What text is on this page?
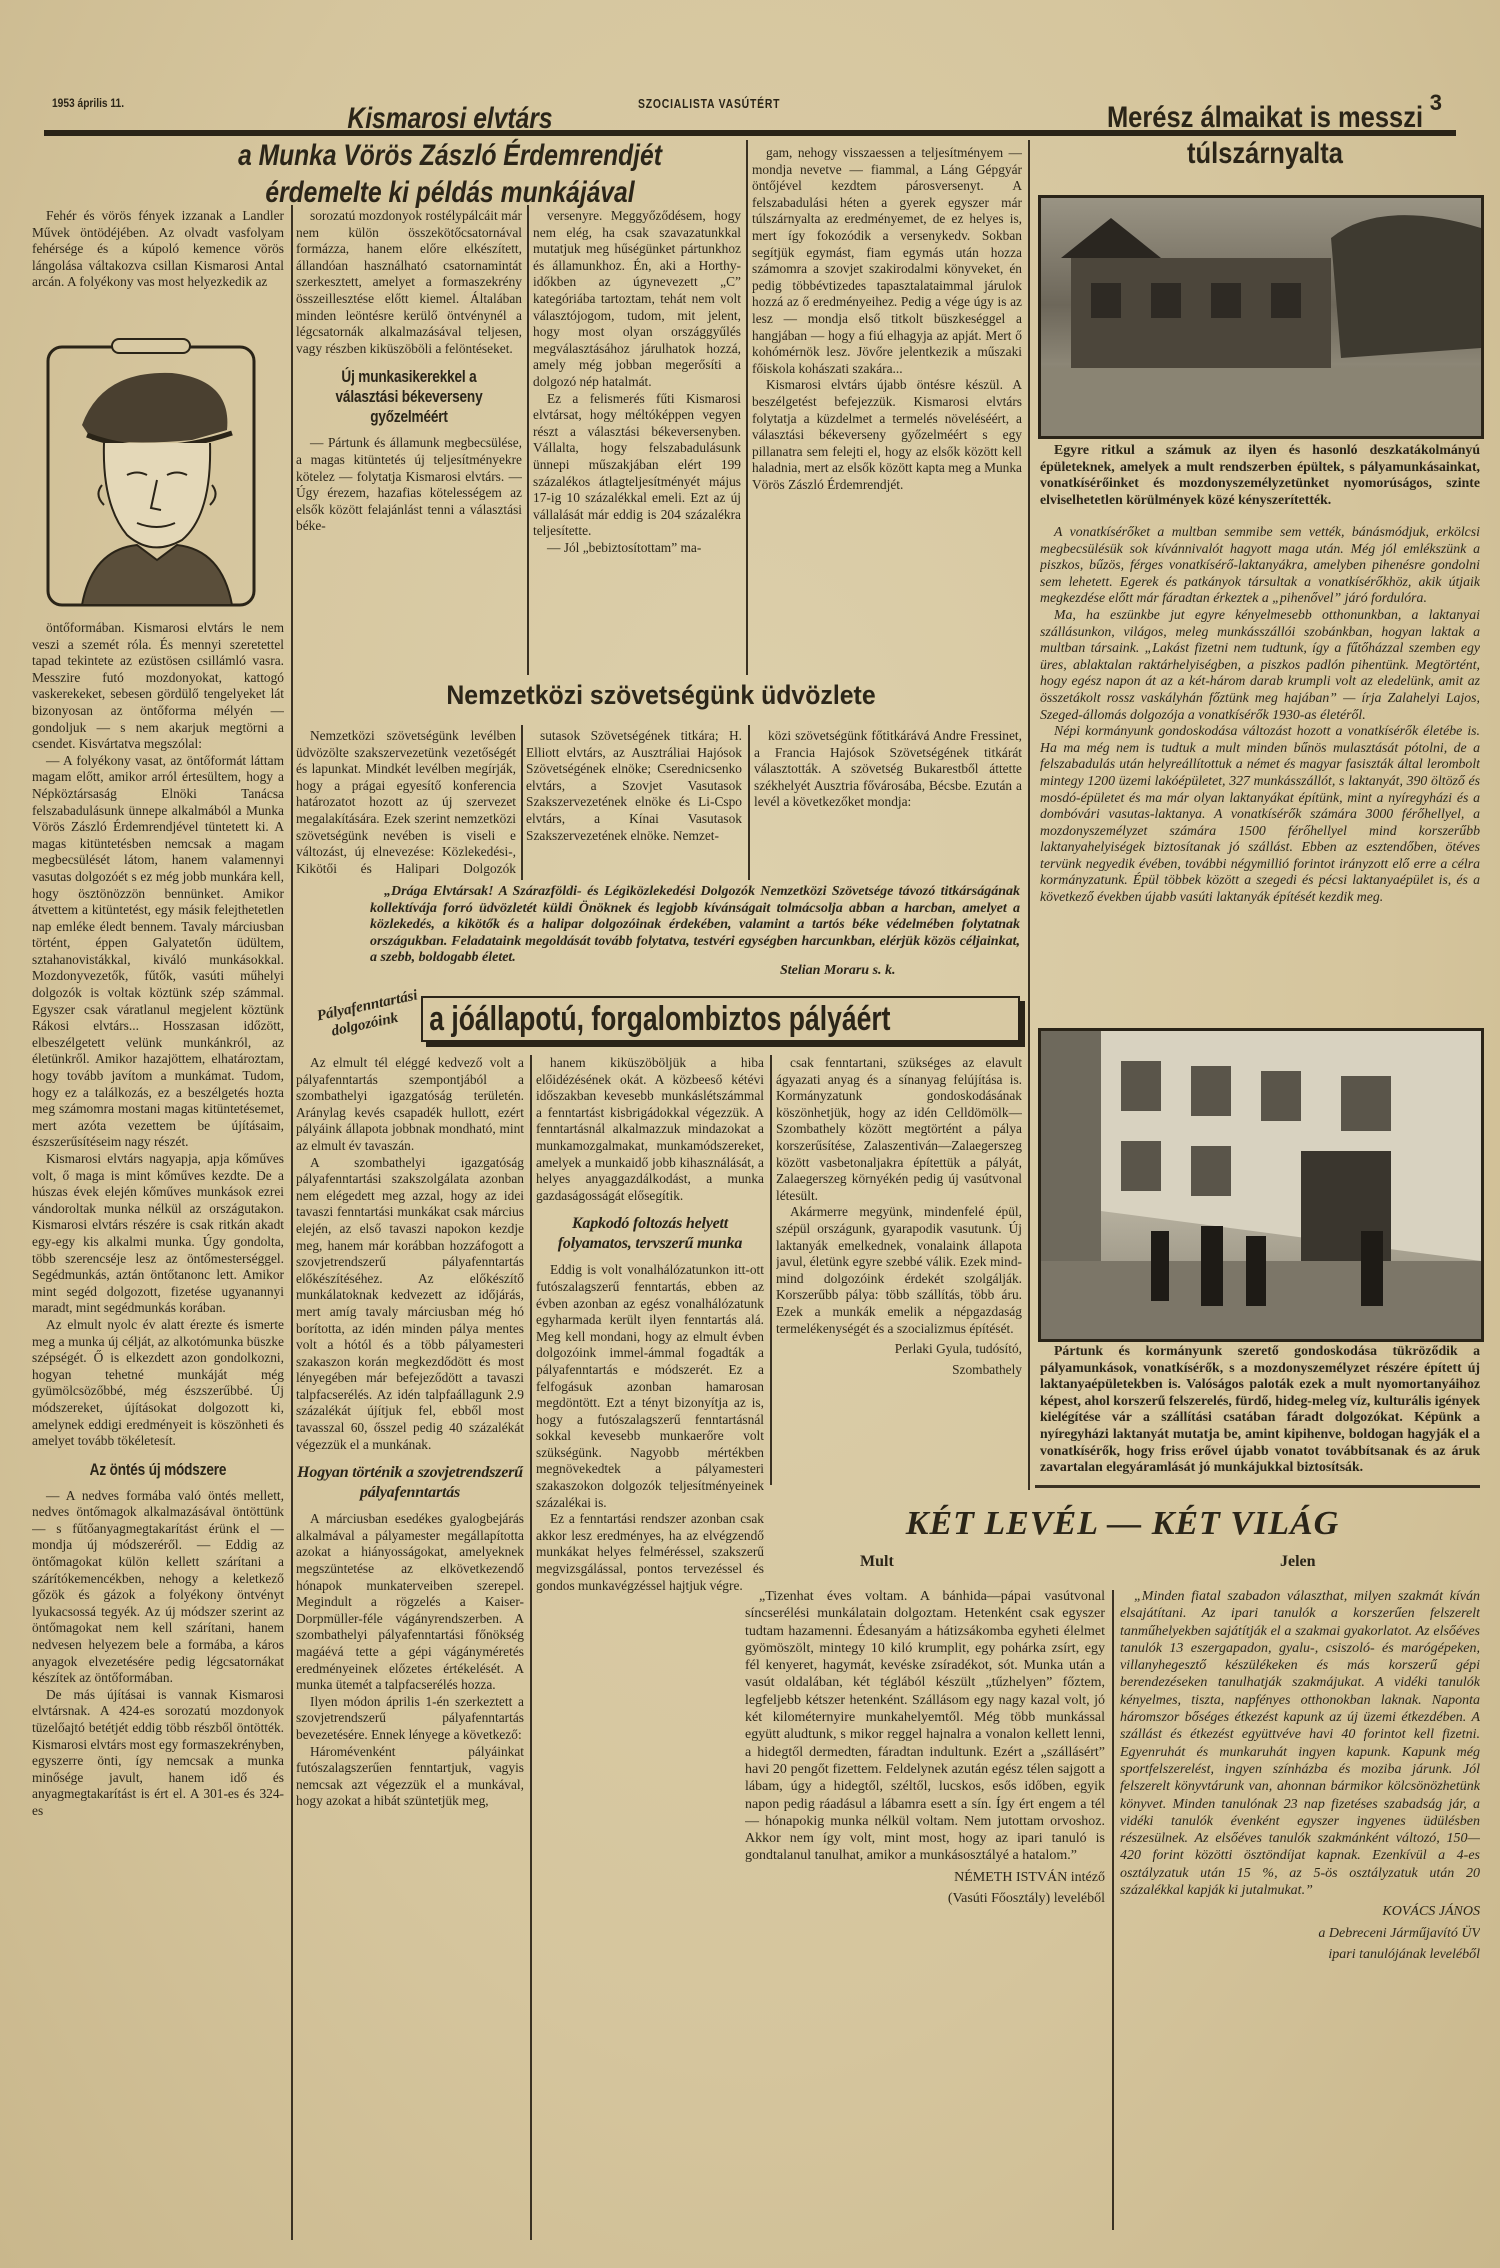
1953 április 11.	SZOCIALISTA VASÚTÉRT	3
Kismarosi elvtárs
a Munka Vörös Zászló Érdemrendjét
érdemelte ki példás munkájával

Fehér és vörös fények izzanak a Landler Művek öntödéjében. Az olvadt vasfolyam fehérsége és a kúpoló kemence vörös lángolása váltakozva csillan Kismarosi Antal arcán. A folyékony vas most helyezkedik az

öntőformában. Kismarosi elvtárs le nem veszi a szemét róla. És mennyi szeretettel tapad tekintete az ezüstösen csillámló vasra. Messzire futó mozdonyokat, kattogó vaskerekeket, sebesen gördülő tengelyeket lát bizonyosan az öntőforma mélyén — gondoljuk — s nem akarjuk megtörni a csendet. Kisvártatva megszólal:

— A folyékony vasat, az öntőformát láttam magam előtt, amikor arról értesültem, hogy a Népköztársaság Elnöki Tanácsa felszabadulásunk ünnepe alkalmából a Munka Vörös Zászló Érdemrendjével tüntetett ki. A magas kitüntetésben nemcsak a magam megbecsülését látom, hanem valamennyi vasutas dolgozóét s ez még jobb munkára kell, hogy ösztönözzön bennünket. Amikor átvettem a kitüntetést, egy másik felejthetetlen nap emléke éledt bennem. Tavaly márciusban történt, éppen Galyatetőn üdültem, sztahanovistákkal, kiváló munkásokkal. Mozdonyvezetők, fűtők, vasúti műhelyi dolgozók is voltak köztünk szép számmal. Egyszer csak váratlanul megjelent köztünk Rákosi elvtárs... Hosszasan időzött, elbeszélgetett velünk munkánkról, az életünkről. Amikor hazajöttem, elhatároztam, hogy tovább javítom a munkámat. Tudom, hogy ez a találkozás, ez a beszélgetés hozta meg számomra mostani magas kitüntetésemet, mert azóta vezettem be újításaim, észszerűsítéseim nagy részét.

Kismarosi elvtárs nagyapja, apja kőműves volt, ő maga is mint kőműves kezdte. De a húszas évek elején kőműves munkások ezrei vándoroltak munka nélkül az országutakon. Kismarosi elvtárs részére is csak ritkán akadt egy-egy kis alkalmi munka. Úgy gondolta, több szerencséje lesz az öntőmesterséggel. Segédmunkás, aztán öntőtanonc lett. Amikor mint segéd dolgozott, fizetése ugyanannyi maradt, mint segédmunkás korában.

Az elmult nyolc év alatt érezte és ismerte meg a munka új célját, az alkotómunka büszke szépségét. Ő is elkezdett azon gondolkozni, hogyan tehetné munkáját még gyümölcsözőbbé, még észszerűbbé. Új módszereket, újításokat dolgozott ki, amelynek eddigi eredményeit is köszönheti és amelyet tovább tökéletesít.

Az öntés új módszere

— A nedves formába való öntés mellett, nedves öntőmagok alkalmazásával öntöttünk — s fűtőanyagmegtakarítást érünk el — mondja új módszeréről. — Eddig az öntőmagokat külön kellett szárítani a szárítókemencékben, nehogy a keletkező gőzök és gázok a folyékony öntvényt lyukacsossá tegyék. Az új módszer szerint az öntőmagokat nem kell szárítani, hanem nedvesen helyezem bele a formába, a káros anyagok elvezetésére pedig légcsatornákat készítek az öntőformában.

De más újításai is vannak Kismarosi elvtársnak. A 424-es sorozatú mozdonyok tüzelőajtó betétjét eddig több részből öntötték. Kismarosi elvtárs most egy formaszekrényben, egyszerre önti, így nemcsak a munka minősége javult, hanem idő és anyagmegtakarítást is ért el. A 301-es és 324-es

sorozatú mozdonyok rostélypálcáit már nem külön összekötőcsatornával formázza, hanem előre elkészített, állandóan használható csatornamintát szerkesztett, amelyet a formaszekrény összeillesztése előtt kiemel. Általában minden leöntésre kerülő öntvénynél a légcsatornák alkalmazásával teljesen, vagy részben kiküszöböli a felöntéseket.

Új munkasikerekkel a választási békeverseny győzelméért

— Pártunk és államunk megbecsülése, a magas kitüntetés új teljesítményekre kötelez — folytatja Kismarosi elvtárs. — Úgy érezem, hazafias kötelességem az elsők között felajánlást tenni a választási béke-

versenyre. Meggyőződésem, hogy nem elég, ha csak szavazatunkkal mutatjuk meg hűségünket pártunkhoz és államunkhoz. Én, aki a Horthy-időkben az úgynevezett „C” kategóriába tartoztam, tehát nem volt választójogom, tudom, mit jelent, hogy most olyan országgyűlés megválasztásához járulhatok hozzá, amely még jobban megerősíti a dolgozó nép hatalmát.

Ez a felismerés fűti Kismarosi elvtársat, hogy méltóképpen vegyen részt a választási békeversenyben. Vállalta, hogy felszabadulásunk ünnepi műszakjában elért 199 százalékos átlagteljesítményét május 17-ig 10 százalékkal emeli. Ezt az új vállalását már eddig is 204 százalékra teljesítette.

— Jól „bebiztosítottam” ma-

gam, nehogy visszaessen a teljesítményem — mondja nevetve — fiammal, a Láng Gépgyár öntőjével kezdtem párosversenyt. A felszabadulási héten a gyerek egyszer már túlszárnyalta az eredményemet, de ez helyes is, mert így fokozódik a versenykedv. Sokban segítjük egymást, fiam egymás után hozza számomra a szovjet szakirodalmi könyveket, én pedig többévtizedes tapasztalataimmal járulok hozzá az ő eredményeihez. Pedig a vége úgy is az lesz — mondja első titkolt büszkeséggel a hangjában — hogy a fiú elhagyja az apját. Mert ő kohómérnök lesz. Jövőre jelentkezik a műszaki főiskola kohászati szakára...

Kismarosi elvtárs újabb öntésre készül. A beszélgetést befejezzük. Kismarosi elvtárs folytatja a küzdelmet a termelés növeléséért, a választási békeverseny győzelméért s egy pillanatra sem felejti el, hogy az elsők között kell haladnia, mert az elsők között kapta meg a Munka Vörös Zászló Érdemrendjét.

Nemzetközi szövetségünk üdvözlete

Nemzetközi szövetségünk levélben üdvözölte szakszervezetünk vezetőségét és lapunkat. Mindkét levélben megírják, hogy a prágai egyesítő konferencia határozatot hozott az új szervezet megalakítására. Ezek szerint nemzetközi szövetségünk nevében is viseli e változást, új elnevezése: Közlekedési-, Kikötői és Halipari Dolgozók

sutasok Szövetségének titkára; H. Elliott elvtárs, az Ausztráliai Hajósok Szövetségének elnöke; Cserednicsenko elvtárs, a Szovjet Vasutasok Szakszervezetének elnöke és Li-Cspo elvtárs, a Kínai Vasutasok Szakszervezetének elnöke. Nemzet-

közi szövetségünk főtitkárává Andre Fressinet, a Francia Hajósok Szövetségének titkárát választották. A szövetség Bukarestből áttette székhelyét Ausztria fővárosába, Bécsbe. Ezután a levél a következőket mondja:

„Drága Elvtársak! A Szárazföldi- és Légiközlekedési Dolgozók Nemzetközi Szövetsége távozó titkárságának kollektívája forró üdvözletét küldi Önöknek és legjobb kívánságait tolmácsolja abban a harcban, amelyet a közlekedés, a kikötők és a halipar dolgozóinak érdekében, valamint a tartós béke védelmében folytatnak országukban. Feladataink megoldását tovább folytatva, testvéri egységben harcunkban, elérjük közös céljainkat, a szebb, boldogabb életet.

Stelian Moraru s. k.
Pályafenntartási dolgozóink a jóállapotú, forgalombiztos pályáért

Az elmult tél eléggé kedvező volt a pályafenntartás szempontjából a szombathelyi igazgatóság területén. Aránylag kevés csapadék hullott, ezért pályáink állapota jobbnak mondható, mint az elmult év tavaszán.

A szombathelyi igazgatóság pályafenntartási szakszolgálata azonban nem elégedett meg azzal, hogy az idei tavaszi fenntartási munkákat csak március elején, az első tavaszi napokon kezdje meg, hanem már korábban hozzáfogott a szovjetrendszerű pályafenntartás előkészítéséhez. Az előkészítő munkálatoknak kedvezett az időjárás, mert amíg tavaly márciusban még hó borította, az idén minden pálya mentes volt a hótól és a több pályamesteri szakaszon korán megkezdődött és most lényegében már befejeződött a tavaszi talpfacserélés. Az idén talpfaállagunk 2.9 százalékát újítjuk fel, ebből most tavasszal 60, ősszel pedig 40 százalékát végezzük el a munkának.

Hogyan történik a szovjetrendszerű pályafenntartás

A márciusban esedékes gyalogbejárás alkalmával a pályamester megállapította azokat a hiányosságokat, amelyeknek megszüntetése az elkövetkezendő hónapok munkaterveiben szerepel. Megindult a rögzelés a Kaiser-Dorpmüller-féle vágányrendszerben. A szombathelyi pályafenntartási főnökség magáévá tette a gépi vágányméretés eredményeinek előzetes értékelését. A munka ütemét a talpfacserélés hozza.

Ilyen módon április 1-én szerkeztett a szovjetrendszerű pályafenntartás bevezetésére. Ennek lényege a következő:

Háromévenként pályáinkat futószalagszerűen fenntartjuk, vagyis nemcsak azt végezzük el a munkával, hogy azokat a hibát szüntetjük meg,

hanem kiküszöböljük a hiba előidézésének okát. A közbeeső kétévi időszakban kevesebb munkáslétszámmal a fenntartást kisbrigádokkal végezzük. A fenntartásnál alkalmazzuk mindazokat a munkamozgalmakat, munkamódszereket, amelyek a munkaidő jobb kihasználását, a helyes anyaggazdálkodást, a munka gazdaságosságát elősegítik.

Kapkodó foltozás helyett folyamatos, tervszerű munka

Eddig is volt vonalhálózatunkon itt-ott futószalagszerű fenntartás, ebben az évben azonban az egész vonalhálózatunk egyharmada került ilyen fenntartás alá. Meg kell mondani, hogy az elmult évben dolgozóink immel-ámmal fogadták a pályafenntartás e módszerét. Ez a felfogásuk azonban hamarosan megdöntött. Ezt a tényt bizonyítja az is, hogy a futószalagszerű fenntartásnál sokkal kevesebb munkaerőre volt szükségünk. Nagyobb mértékben megnövekedtek a pályamesteri szakaszokon dolgozók teljesítményeinek százalékai is.

Ez a fenntartási rendszer azonban csak akkor lesz eredményes, ha az elvégzendő munkákat helyes felméréssel, szakszerű megvizsgálással, pontos tervezéssel és gondos munkavégzéssel hajtjuk végre.

csak fenntartani, szükséges az elavult ágyazati anyag és a sínanyag felújítása is. Kormányzatunk gondoskodásának köszönhetjük, hogy az idén Celldömölk—Szombathely között megtörtént a pálya korszerűsítése, Zalaszentiván—Zalaegerszeg között vasbetonaljakra építettük a pályát, Zalaegerszeg környékén pedig új vasútvonal létesült.

Akármerre megyünk, mindenfelé épül, szépül országunk, gyarapodik vasutunk. Új laktanyák emelkednek, vonalaink állapota javul, életünk egyre szebbé válik. Ezek mind-mind dolgozóink érdekét szolgálják. Korszerűbb pálya: több szállítás, több áru. Ezek a munkák emelik a népgazdaság termelékenységét és a szocializmus építését.

Perlaki Gyula, tudósító,
Szombathely
Merész álmaikat is messzi
túlszárnyalta

Egyre ritkul a számuk az ilyen és hasonló deszkatákolmányú épületeknek, amelyek a mult rendszerben épültek, s pályamunkásainkat, vonatkísérőinket és mozdonyszemélyzetünket nyomorúságos, szinte elviselhetetlen körülmények közé kényszerítették.

A vonatkísérőket a multban semmibe sem vették, bánásmódjuk, erkölcsi megbecsülésük sok kívánnivalót hagyott maga után. Még jól emlékszünk a piszkos, bűzös, férges vonatkísérő-laktanyákra, amelyben pihenésre gondolni sem lehetett. Egerek és patkányok társultak a vonatkísérőkhöz, akik útjaik megkezdése előtt már fáradtan érkeztek a „pihenővel” járó fordulóra.

Ma, ha eszünkbe jut egyre kényelmesebb otthonunkban, a laktanyai szállásunkon, világos, meleg munkásszállói szobánkban, hogyan laktak a multban társaink. „Lakást fizetni nem tudtunk, így a fűtőházzal szemben egy üres, ablaktalan raktárhelyiségben, a piszkos padlón pihentünk. Megtörtént, hogy egész napon át az a két-három darab krumpli volt az eledelünk, amit az összetákolt rossz vaskályhán főztünk meg hajában” — írja Zalahelyi Lajos, Szeged-állomás dolgozója a vonatkísérők 1930-as életéről.

Népi kormányunk gondoskodása változást hozott a vonatkísérők életébe is. Ha ma még nem is tudtuk a mult minden bűnös mulasztását pótolni, de a felszabadulás után helyreállítottuk a német és magyar fasiszták által lerombolt mintegy 1200 üzemi lakóépületet, 327 munkásszállót, s laktanyát, 390 öltöző és mosdó-épületet és ma már olyan laktanyákat építünk, mint a nyíregyházi és a dombóvári vasutas-laktanya. A vonatkísérők számára 3000 férőhellyel, a mozdonyszemélyzet számára 1500 férőhellyel mind korszerűbb laktanyahelyiségek biztosítanak jó szállást. Ebben az esztendőben, ötéves tervünk negyedik évében, további négymillió forintot irányzott elő erre a célra kormányzatunk. Épül többek között a szegedi és pécsi laktanyaépület is, és a következő években újabb vasúti laktanyák építését kezdik meg.

Pártunk és kormányunk szerető gondoskodása tükröződik a pályamunkások, vonatkísérők, s a mozdonyszemélyzet részére épített új laktanyaépületekben is. Valóságos paloták ezek a mult nyomortanyáihoz képest, ahol korszerű felszerelés, fürdő, hideg-meleg víz, kulturális igények kielégítése vár a szállítási csatában fáradt dolgozókat. Képünk a nyíregyházi laktanyát mutatja be, amint kipihenve, boldogan hagyják el a vonatkísérők, hogy friss erővel újabb vonatot továbbítsanak és az áruk zavartalan elegyáramlását jó munkájukkal biztosítsák.

KÉT LEVÉL — KÉT VILÁG
Mult	Jelen

„Tizenhat éves voltam. A bánhida—pápai vasútvonal síncserélési munkálatain dolgoztam. Hetenként csak egyszer tudtam hazamenni. Édesanyám a hátizsákomba egyheti élelmet gyömöszölt, mintegy 10 kiló krumplit, egy pohárka zsírt, egy fél kenyeret, hagymát, kevéske zsíradékot, sót. Munka után a vasút oldalában, két téglából készült „tűzhelyen” főztem, legfeljebb kétszer hetenként. Szállásom egy nagy kazal volt, jó két kilométernyire munkahelyemtől. Még több munkással együtt aludtunk, s mikor reggel hajnalra a vonalon kellett lenni, a hidegtől dermedten, fáradtan indultunk. Ezért a „szállásért” havi 20 pengőt fizettem. Feldelynek azután egész télen sajgott a lábam, úgy a hidegtől, széltől, lucskos, esős időben, egyik napon pedig ráadásul a lábamra esett a sín. Így ért engem a tél — hónapokig munka nélkül voltam. Nem jutottam orvoshoz. Akkor nem így volt, mint most, hogy az ipari tanuló is gondtalanul tanulhat, amikor a munkásosztályé a hatalom.”

NÉMETH ISTVÁN intéző
(Vasúti Főosztály) leveléből

„Minden fiatal szabadon választhat, milyen szakmát kíván elsajátítani. Az ipari tanulók a korszerűen felszerelt tanműhelyekben sajátítják el a szakmai gyakorlatot. Az elsőéves tanulók 13 eszergapadon, gyalu-, csiszoló- és marógépeken, villanyhegesztő készülékeken és más korszerű gépi berendezéseken tanulhatják szakmájukat. A vidéki tanulók kényelmes, tiszta, napfényes otthonokban laknak. Naponta háromszor bőséges étkezést kapunk az új üzemi étkezdében. A szállást és étkezést együttvéve havi 40 forintot kell fizetni. Egyenruhát és munkaruhát ingyen kapunk. Kapunk még sportfelszerelést, ingyen színházba és moziba járunk. Jól felszerelt könyvtárunk van, ahonnan bármikor kölcsönözhetünk könyvet. Minden tanulónak 23 nap fizetéses szabadság jár, a vidéki tanulók évenként egyszer ingyenes üdülésben részesülnek. Az elsőéves tanulók szakmánként változó, 150—420 forint közötti ösztöndíjat kapnak. Ezenkívül a 4-es osztályzatuk után 15 %, az 5-ös osztályzatuk után 20 százalékkal kapják ki jutalmukat.”

KOVÁCS JÁNOS
a Debreceni Járműjavító ÜV
ipari tanulójának leveléből
